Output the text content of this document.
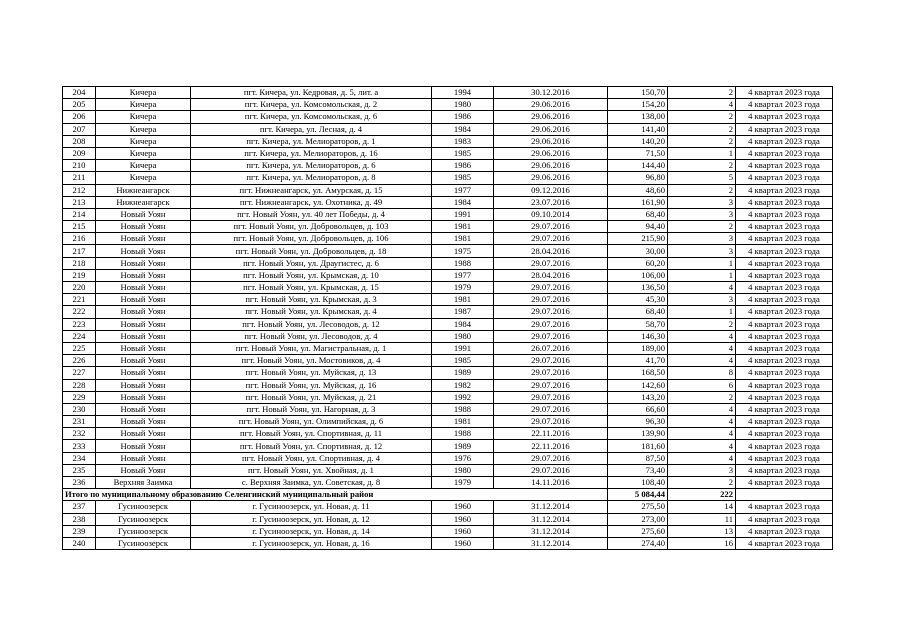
204	Кичера	пгт. Кичера, ул. Кедровая, д. 5, лит. а	1994	30.12.2016	150,70	2	4 квартал 2023 года
205	Кичера	пгт. Кичера, ул. Комсомольская, д. 2	1980	29.06.2016	154,20	4	4 квартал 2023 года
206	Кичера	пгт. Кичера, ул. Комсомольская, д. 6	1986	29.06.2016	138,00	2	4 квартал 2023 года
207	Кичера	пгт. Кичера, ул. Лесная, д. 4	1984	29.06.2016	141,40	2	4 квартал 2023 года
208	Кичера	пгт. Кичера, ул. Мелиораторов, д. 1	1983	29.06.2016	140,20	2	4 квартал 2023 года
209	Кичера	пгт. Кичера, ул. Мелиораторов, д. 16	1985	29.06.2016	71,50	1	4 квартал 2023 года
210	Кичера	пгт. Кичера, ул. Мелиораторов, д. 6	1986	29.06.2016	144,40	2	4 квартал 2023 года
211	Кичера	пгт. Кичера, ул. Мелиораторов, д. 8	1985	29.06.2016	96,80	5	4 квартал 2023 года
212	Нижнеангарск	пгт. Нижнеангарск, ул. Амурская, д. 15	1977	09.12.2016	48,60	2	4 квартал 2023 года
213	Нижнеангарск	пгт. Нижнеангарск, ул. Охотника, д. 49	1984	23.07.2016	161,90	3	4 квартал 2023 года
214	Новый Уоян	пгт. Новый Уоян, ул. 40 лет Победы, д. 4	1991	09.10.2014	68,40	3	4 квартал 2023 года
215	Новый Уоян	пгт. Новый Уоян, ул. Добровольцев, д. 103	1981	29.07.2016	94,40	2	4 квартал 2023 года
216	Новый Уоян	пгт. Новый Уоян, ул. Добровольцев, д. 106	1981	29.07.2016	215,90	3	4 квартал 2023 года
217	Новый Уоян	пгт. Новый Уоян, ул. Добровольцев, д. 18	1975	28.04.2016	30,00	3	4 квартал 2023 года
218	Новый Уоян	пгт. Новый Уоян, ул. Драугистес, д. 6	1988	29.07.2016	60,20	1	4 квартал 2023 года
219	Новый Уоян	пгт. Новый Уоян, ул. Крымская, д. 10	1977	28.04.2016	106,00	1	4 квартал 2023 года
220	Новый Уоян	пгт. Новый Уоян, ул. Крымская, д. 15	1979	29.07.2016	136,50	4	4 квартал 2023 года
221	Новый Уоян	пгт. Новый Уоян, ул. Крымская, д. 3	1981	29.07.2016	45,30	3	4 квартал 2023 года
222	Новый Уоян	пгт. Новый Уоян, ул. Крымская, д. 4	1987	29.07.2016	68,40	1	4 квартал 2023 года
223	Новый Уоян	пгт. Новый Уоян, ул. Лесоводов, д. 12	1984	29.07.2016	58,70	2	4 квартал 2023 года
224	Новый Уоян	пгт. Новый Уоян, ул. Лесоводов, д. 4	1980	29.07.2016	146,30	4	4 квартал 2023 года
225	Новый Уоян	пгт. Новый Уоян, ул. Магистральная, д. 1	1991	26.07.2016	189,00	4	4 квартал 2023 года
226	Новый Уоян	пгт. Новый Уоян, ул. Мостовиков, д. 4	1985	29.07.2016	41,70	4	4 квартал 2023 года
227	Новый Уоян	пгт. Новый Уоян, ул. Муйская, д. 13	1989	29.07.2016	168,50	8	4 квартал 2023 года
228	Новый Уоян	пгт. Новый Уоян, ул. Муйская, д. 16	1982	29.07.2016	142,60	6	4 квартал 2023 года
229	Новый Уоян	пгт. Новый Уоян, ул. Муйская, д. 21	1992	29.07.2016	143,20	2	4 квартал 2023 года
230	Новый Уоян	пгт. Новый Уоян, ул. Нагорная, д. 3	1988	29.07.2016	66,60	4	4 квартал 2023 года
231	Новый Уоян	пгт. Новый Уоян, ул. Олимпийская, д. 6	1981	29.07.2016	96,30	4	4 квартал 2023 года
232	Новый Уоян	пгт. Новый Уоян, ул. Спортивная, д. 11	1988	22.11.2016	139,90	4	4 квартал 2023 года
233	Новый Уоян	пгт. Новый Уоян, ул. Спортивная, д. 12	1989	22.11.2016	181,60	4	4 квартал 2023 года
234	Новый Уоян	пгт. Новый Уоян, ул. Спортивная, д. 4	1976	29.07.2016	87,50	4	4 квартал 2023 года
235	Новый Уоян	пгт. Новый Уоян, ул. Хвойная, д. 1	1980	29.07.2016	73,40	3	4 квартал 2023 года
236	Верхняя Заимка	с. Верхняя Заимка, ул. Советская, д. 8	1979	14.11.2016	108,40	2	4 квартал 2023 года
Итого по муниципальному образованию Селенгинский муниципальный район					5 084,44	222	
237	Гусиноозерск	г. Гусиноозерск, ул. Новая, д. 11	1960	31.12.2014	275,50	14	4 квартал 2023 года
238	Гусиноозерск	г. Гусиноозерск, ул. Новая, д. 12	1960	31.12.2014	273,00	11	4 квартал 2023 года
239	Гусиноозерск	г. Гусиноозерск, ул. Новая, д. 14	1960	31.12.2014	275,60	13	4 квартал 2023 года
240	Гусиноозерск	г. Гусиноозерск, ул. Новая, д. 16	1960	31.12.2014	274,40	16	4 квартал 2023 года
